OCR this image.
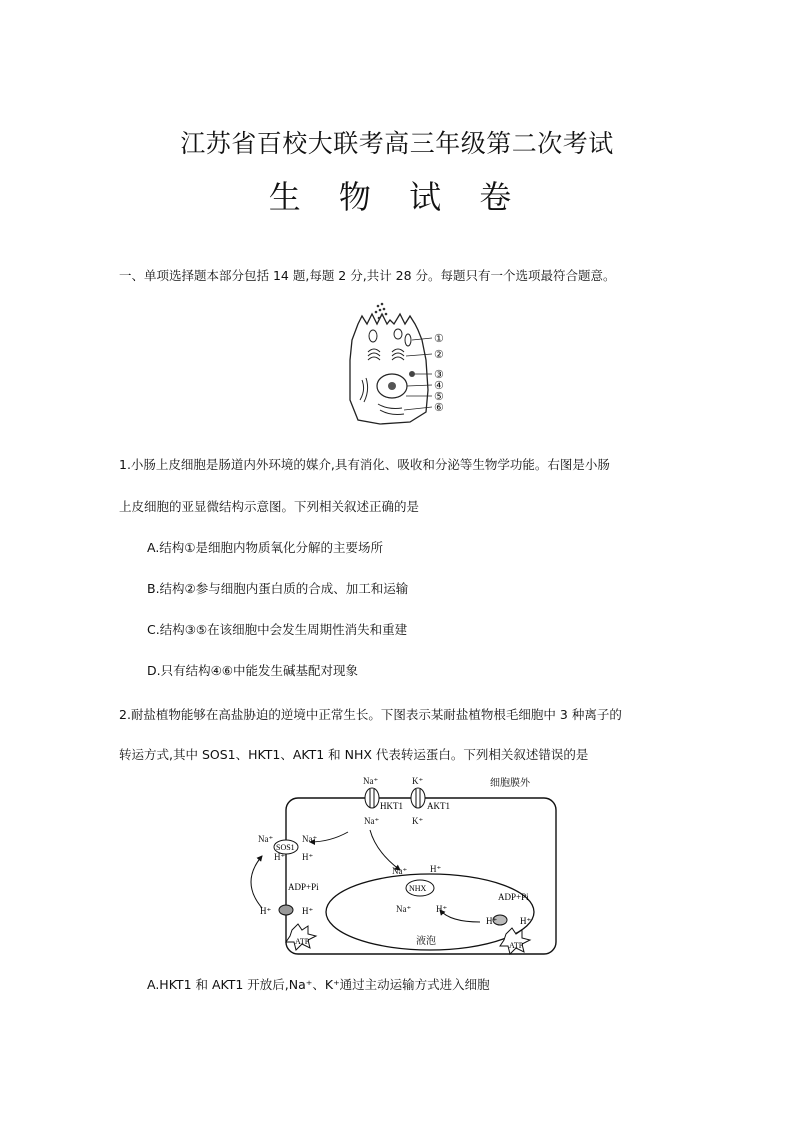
江苏省百校大联考高三年级第二次考试
生 物 试 卷
一、单项选择题本部分包括 14 题,每题 2 分,共计 28 分。每题只有一个选项最符合题意。
①
②
③
④
⑤
⑥
1.小肠上皮细胞是肠道内外环境的媒介,具有消化、吸收和分泌等生物学功能。右图是小肠
上皮细胞的亚显微结构示意图。下列相关叙述正确的是
A.结构①是细胞内物质氧化分解的主要场所
B.结构②参与细胞内蛋白质的合成、加工和运输
C.结构③⑤在该细胞中会发生周期性消失和重建
D.只有结构④⑥中能发生碱基配对现象
2.耐盐植物能够在高盐胁迫的逆境中正常生长。下图表示某耐盐植物根毛细胞中 3 种离子的
转运方式,其中 SOS1、HKT1、AKT1 和 NHX 代表转运蛋白。下列相关叙述错误的是
细胞膜外
液泡
HKT1	AKT1
Na⁺	K⁺
Na⁺	K⁺
SOS1
Na⁺	Na⁺
H⁺ H⁺
ADP+Pi
H⁺	H⁺
ATP
NHX
Na⁺	H⁺
Na⁺	H⁺
ADP+Pi
H⁺	H⁺
ATP
A.HKT1 和 AKT1 开放后,Na⁺、K⁺通过主动运输方式进入细胞
